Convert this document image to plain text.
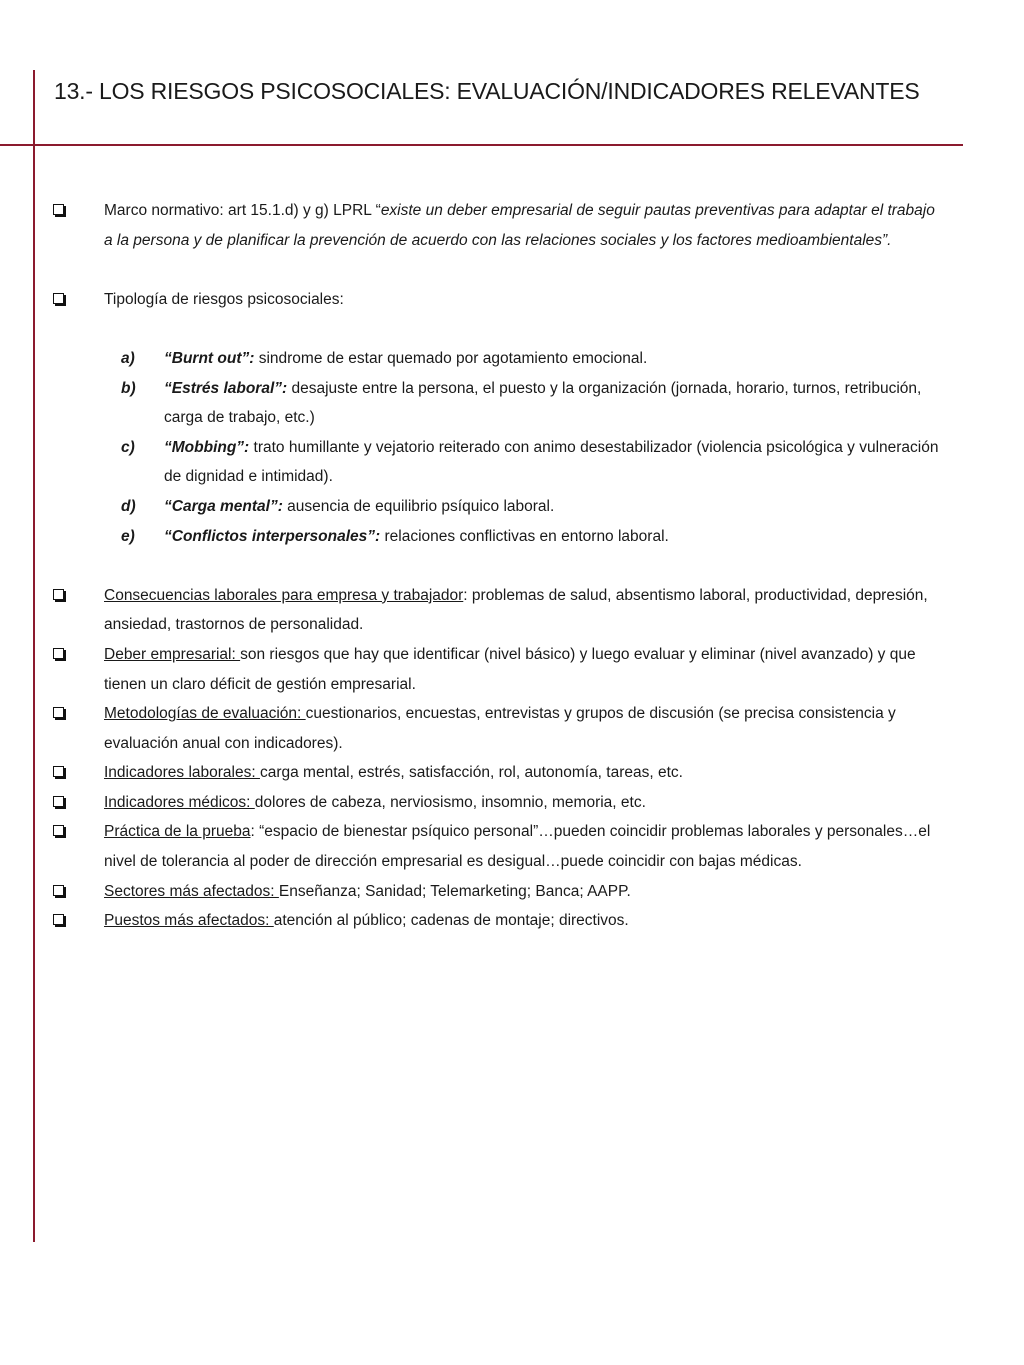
13.- LOS RIESGOS PSICOSOCIALES: EVALUACIÓN/INDICADORES RELEVANTES
Marco normativo: art 15.1.d) y g) LPRL “existe un deber empresarial de seguir pautas preventivas para adaptar el trabajo a la persona y de planificar la prevención de acuerdo con las relaciones sociales y los factores medioambientales”.
Tipología de riesgos psicosociales:
a) “Burnt out”: sindrome de estar quemado por agotamiento emocional.
b) “Estrés laboral”: desajuste entre la persona, el puesto y la organización (jornada, horario, turnos, retribución, carga de trabajo, etc.)
c) “Mobbing”: trato humillante y vejatorio reiterado con animo desestabilizador (violencia psicológica y vulneración de dignidad e intimidad).
d) “Carga mental”: ausencia de equilibrio psíquico laboral.
e) “Conflictos interpersonales”: relaciones conflictivas en entorno laboral.
Consecuencias laborales para empresa y trabajador: problemas de salud, absentismo laboral, productividad, depresión, ansiedad, trastornos de personalidad.
Deber empresarial: son riesgos que hay que identificar (nivel básico) y luego evaluar y eliminar (nivel avanzado) y que tienen un claro déficit de gestión empresarial.
Metodologías de evaluación: cuestionarios, encuestas, entrevistas y grupos de discusión (se precisa consistencia y evaluación anual con indicadores).
Indicadores laborales: carga mental, estrés, satisfacción, rol, autonomía, tareas, etc.
Indicadores médicos: dolores de cabeza, nerviosismo, insomnio, memoria, etc.
Práctica de la prueba: “espacio de bienestar psíquico personal”…pueden coincidir problemas laborales y personales…el nivel de tolerancia al poder de dirección empresarial es desigual…puede coincidir con bajas médicas.
Sectores más afectados: Enseñanza; Sanidad; Telemarketing; Banca; AAPP.
Puestos más afectados: atención al público; cadenas de montaje; directivos.
